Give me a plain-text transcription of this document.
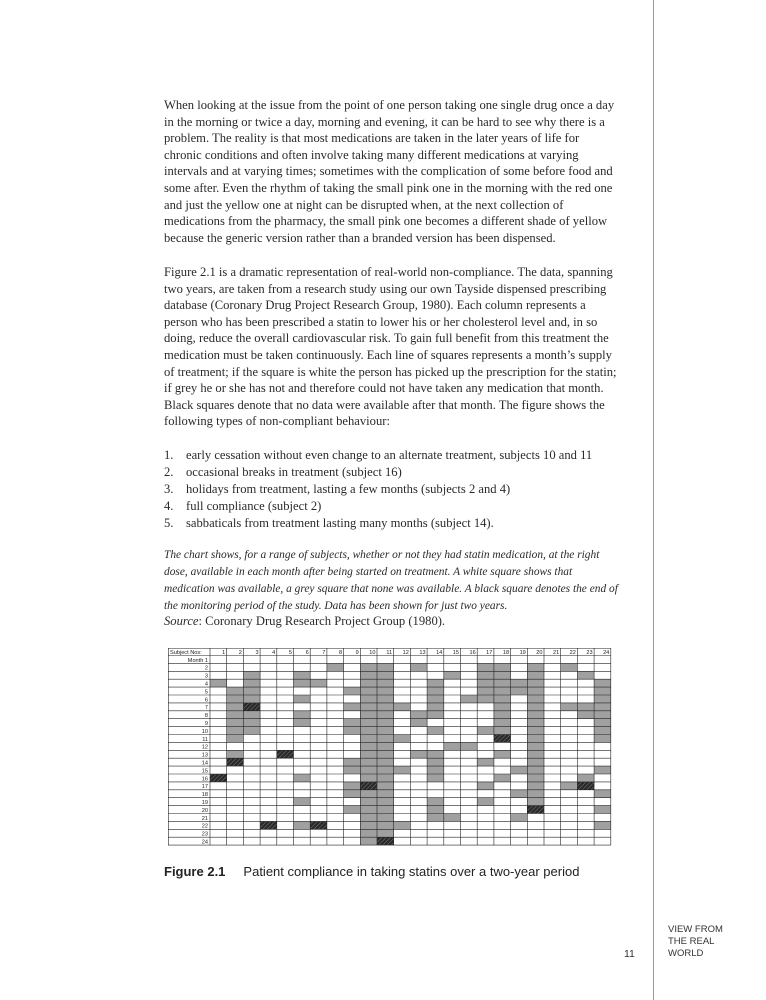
When looking at the issue from the point of one person taking one single drug once a day in the morning or twice a day, morning and evening, it can be hard to see why there is a problem. The reality is that most medications are taken in the later years of life for chronic conditions and often involve taking many different medications at varying intervals and at varying times; sometimes with the complication of some before food and some after. Even the rhythm of taking the small pink one in the morning with the red one and just the yellow one at night can be disrupted when, at the next collection of medications from the pharmacy, the small pink one becomes a different shade of yellow because the generic version rather than a branded version has been dispensed.

Figure 2.1 is a dramatic representation of real-world non-compliance. The data, spanning two years, are taken from a research study using our own Tayside dispensed prescribing database (Coronary Drug Project Research Group, 1980). Each column represents a person who has been prescribed a statin to lower his or her cholesterol level and, in so doing, reduce the overall cardiovascular risk. To gain full benefit from this treatment the medication must be taken continuously. Each line of squares represents a month’s supply of treatment; if the square is white the person has picked up the prescription for the statin; if grey he or she has not and therefore could not have taken any medication that month. Black squares denote that no data were available after that month. The figure shows the following types of non-compliant behaviour:

1. early cessation without even change to an alternate treatment, subjects 10 and 11
2. occasional breaks in treatment (subject 16)
3. holidays from treatment, lasting a few months (subjects 2 and 4)
4. full compliance (subject 2)
5. sabbaticals from treatment lasting many months (subject 14).

The chart shows, for a range of subjects, whether or not they had statin medication, at the right dose, available in each month after being started on treatment. A white square shows that medication was available, a grey square that none was available. A black square denotes the end of the monitoring period of the study. Data has been shown for just two years.

Source: Coronary Drug Research Project Group (1980).
1 2 3 4 5 6 7 8 9 10 11 12 13 14 15 16 17 18 19 20 21 22 23 24
Subject Nos:
Month 1
2
3
4
5
6
7
8
9
10
11
12
13
14
15
16
17
18
19
20
21
22
23
24
Figure 2.1 Patient compliance in taking statins over a two-year period
11
VIEW FROM
THE REAL
WORLD
